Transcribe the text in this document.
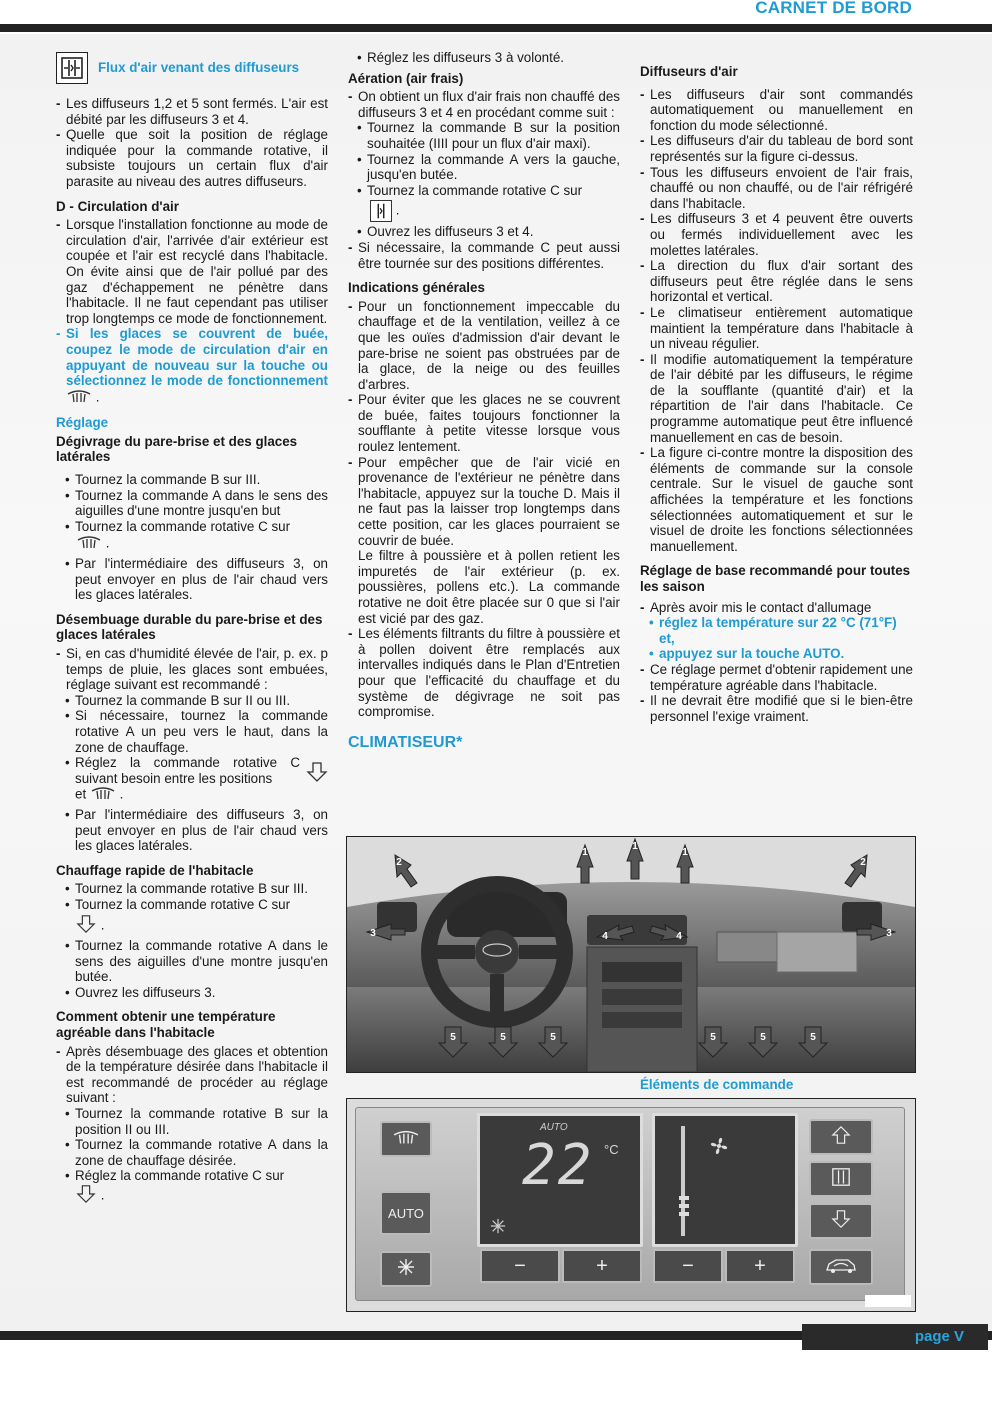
CARNET DE BORD
Flux d'air venant des diffuseurs

- Les diffuseurs 1,2 et 5 sont fermés. L'air est débité par les diffuseurs 3 et 4.

- Quelle que soit la position de réglage indiquée pour la commande rotative, il subsiste toujours un certain flux d'air parasite au niveau des autres diffuseurs.

D - Circulation d'air

- Lorsque l'installation fonctionne au mode de circulation d'air, l'arrivée d'air extérieur est coupée et l'air est recyclé dans l'habitacle. On évite ainsi que de l'air pollué par des gaz d'échappement ne pénètre dans l'habitacle. Il ne faut cependant pas utiliser trop longtemps ce mode de fonctionnement.

- Si les glaces se couvrent de buée, coupez le mode de circulation d'air en appuyant de nouveau sur la touche ou sélectionnez le mode de fonctionnement  .

Réglage

Dégivrage du pare-brise et des glaces latérales

• Tournez la commande B sur III.

• Tournez la commande A dans le sens des aiguilles d'une montre jusqu'en but

• Tournez la commande rotative C sur

.

• Par l'intermédiaire des diffuseurs 3, on peut envoyer en plus de l'air chaud vers les glaces latérales.

Désembuage durable du pare-brise et des glaces latérales

- Si, en cas d'humidité élevée de l'air, p. ex. p temps de pluie, les glaces sont embuées, réglage suivant est recommandé :

• Tournez la commande B sur II ou III.

• Si nécessaire, tournez la commande rotative A un peu vers le haut, dans la zone de chauffage.

• Réglez la commande rotative C suivant besoin entre les positions

et  .

• Par l'intermédiaire des diffuseurs 3, on peut envoyer en plus de l'air chaud vers les glaces latérales.

Chauffage rapide de l'habitacle

• Tournez la commande rotative B sur III.

• Tournez la commande rotative C sur

.

• Tournez la commande rotative A dans le sens des aiguilles d'une montre jusqu'en butée.

• Ouvrez les diffuseurs 3.

Comment obtenir une température agréable dans l'habitacle

- Après désembuage des glaces et obtention de la température désirée dans l'habitacle il est recommandé de procéder au réglage suivant :

• Tournez la commande rotative B sur la position II ou III.

• Tournez la commande rotative A dans la zone de chauffage désirée.

• Réglez la commande rotative C sur

.

• Réglez les diffuseurs 3 à volonté.

Aération (air frais)

- On obtient un flux d'air frais non chauffé des diffuseurs 3 et 4 en procédant comme suit :

• Tournez la commande B sur la position souhaitée (IIII pour un flux d'air maxi).

• Tournez la commande A vers la gauche, jusqu'en butée.

• Tournez la commande rotative C sur

.

• Ouvrez les diffuseurs 3 et 4.

- Si nécessaire, la commande C peut aussi être tournée sur des positions différentes.

Indications générales

- Pour un fonctionnement impeccable du chauffage et de la ventilation, veillez à ce que les ouïes d'admission d'air devant le pare-brise ne soient pas obstruées par de la glace, de la neige ou des feuilles d'arbres.

- Pour éviter que les glaces ne se couvrent de buée, faites toujours fonctionner la soufflante à petite vitesse lorsque vous roulez lentement.

- Pour empêcher que de l'air vicié en provenance de l'extérieur ne pénètre dans l'habitacle, appuyez sur la touche D. Mais il ne faut pas la laisser trop longtemps dans cette position, car les glaces pourraient se couvrir de buée.

Le filtre à poussière et à pollen retient les impuretés de l'air extérieur (p. ex. poussières, pollens etc.). La commande rotative ne doit être placée sur 0 que si l'air est vicié par des gaz.

- Les éléments filtrants du filtre à poussière et à pollen doivent être remplacés aux intervalles indiqués dans le Plan d'Entretien pour que l'efficacité du chauffage et du système de dégivrage ne soit pas compromise.

CLIMATISEUR*

Diffuseurs d'air

- Les diffuseurs d'air sont commandés automatiquement ou manuellement en fonction du mode sélectionné.

- Les diffuseurs d'air du tableau de bord sont représentés sur la figure ci-dessus.

- Tous les diffuseurs envoient de l'air frais, chauffé ou non chauffé, ou de l'air réfrigéré dans l'habitacle.

- Les diffuseurs 3 et 4 peuvent être ouverts ou fermés individuellement avec les molettes latérales.

- La direction du flux d'air sortant des diffuseurs peut être réglée dans le sens horizontal et vertical.

- Le climatiseur entièrement automatique maintient la température dans l'habitacle à un niveau régulier.

- Il modifie automatiquement la température de l'air débité par les diffuseurs, le régime de la soufflante (quantité d'air) et la répartition de l'air dans l'habitacle. Ce programme automatique peut être influencé manuellement en cas de besoin.

- La figure ci-contre montre la disposition des éléments de commande sur la console centrale. Sur le visuel de gauche sont affichées la température et les fonctions sélectionnées automatiquement et sur le visuel de droite les fonctions sélectionnées manuellement.

Réglage de base recommandé pour toutes les saison

- Après avoir mis le contact d'allumage

• réglez la température sur 22 °C (71°F) et,

• appuyez sur la touche AUTO.

- Ce réglage permet d'obtenir rapidement une température agréable dans l'habitacle.

- Il ne devrait être modifié que si le bien-être personnel l'exige vraiment.

1
1
1
2	2
3	3
4	4
5	5	5	5	5	5
Éléments de commande
AUTO
AUTO
22 °C
−	+	−	+
page V
